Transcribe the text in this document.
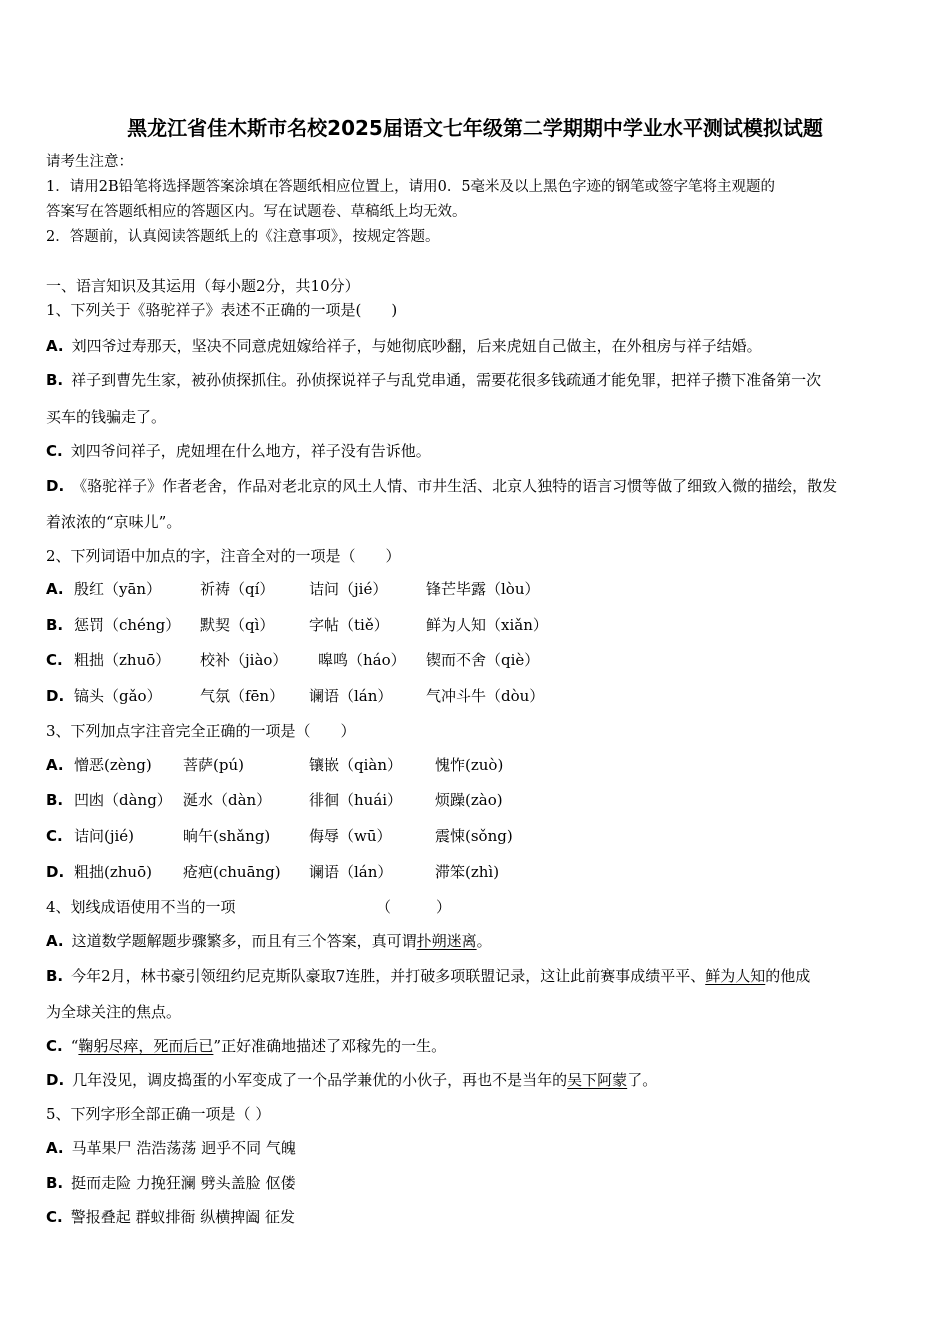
黑龙江省佳木斯市名校2025届语文七年级第二学期期中学业水平测试模拟试题
请考生注意：
1．请用2B铅笔将选择题答案涂填在答题纸相应位置上，请用0．5毫米及以上黑色字迹的钢笔或签字笔将主观题的
答案写在答题纸相应的答题区内。写在试题卷、草稿纸上均无效。
2．答题前，认真阅读答题纸上的《注意事项》，按规定答题。
一、语言知识及其运用（每小题2分，共10分）
1、下列关于《骆驼祥子》表述不正确的一项是(　　)
A. 刘四爷过寿那天，坚决不同意虎妞嫁给祥子，与她彻底吵翻，后来虎妞自己做主，在外租房与祥子结婚。
B. 祥子到曹先生家，被孙侦探抓住。孙侦探说祥子与乱党串通，需要花很多钱疏通才能免罪，把祥子攒下准备第一次
买车的钱骗走了。
C. 刘四爷问祥子，虎妞埋在什么地方，祥子没有告诉他。
D. 《骆驼祥子》作者老舍，作品对老北京的风土人情、市井生活、北京人独特的语言习惯等做了细致入微的描绘，散发
着浓浓的“京味儿”。
2、下列词语中加点的字，注音全对的一项是（　　）
A. 殷红（yān）	祈祷（qí） 诘问（jié）	锋芒毕露（lòu）
B. 惩罚（chéng） 默契（qì） 字帖（tiě） 鲜为人知（xiǎn）
C. 粗拙（zhuō） 校补（jiào） 嗥鸣（háo） 锲而不舍（qiè）
D. 镐头（gǎo）	气氛（fēn） 谰语（lán） 气冲斗牛（dòu）
3、下列加点字注音完全正确的一项是（　　）
A. 憎恶(zèng) 菩萨(pú)	镶嵌（qiàn） 愧怍(zuò)
B. 凹凼（dàng） 涎水（dàn）	徘徊（huái） 烦躁(zào)
C. 诘问(jié)	晌午(shǎng)	侮辱（wū）	震悚(sǒng)
D. 粗拙(zhuō) 疮疤(chuāng) 谰语（lán）	滞笨(zhì)
4、划线成语使用不当的一项	（　　　）
A. 这道数学题解题步骤繁多，而且有三个答案，真可谓扑朔迷离。
B. 今年2月，林书豪引领纽约尼克斯队豪取7连胜，并打破多项联盟记录，这让此前赛事成绩平平、鲜为人知的他成
为全球关注的焦点。
C. “鞠躬尽瘁，死而后已”正好准确地描述了邓稼先的一生。
D. 几年没见，调皮捣蛋的小军变成了一个品学兼优的小伙子，再也不是当年的吴下阿蒙了。
5、下列字形全部正确一项是（ ）
A. 马革果尸 浩浩荡荡 迥乎不同 气魄
B. 挺而走险 力挽狂澜 劈头盖脸 伛偻
C. 警报叠起 群蚁排衙 纵横捭阖 征发
